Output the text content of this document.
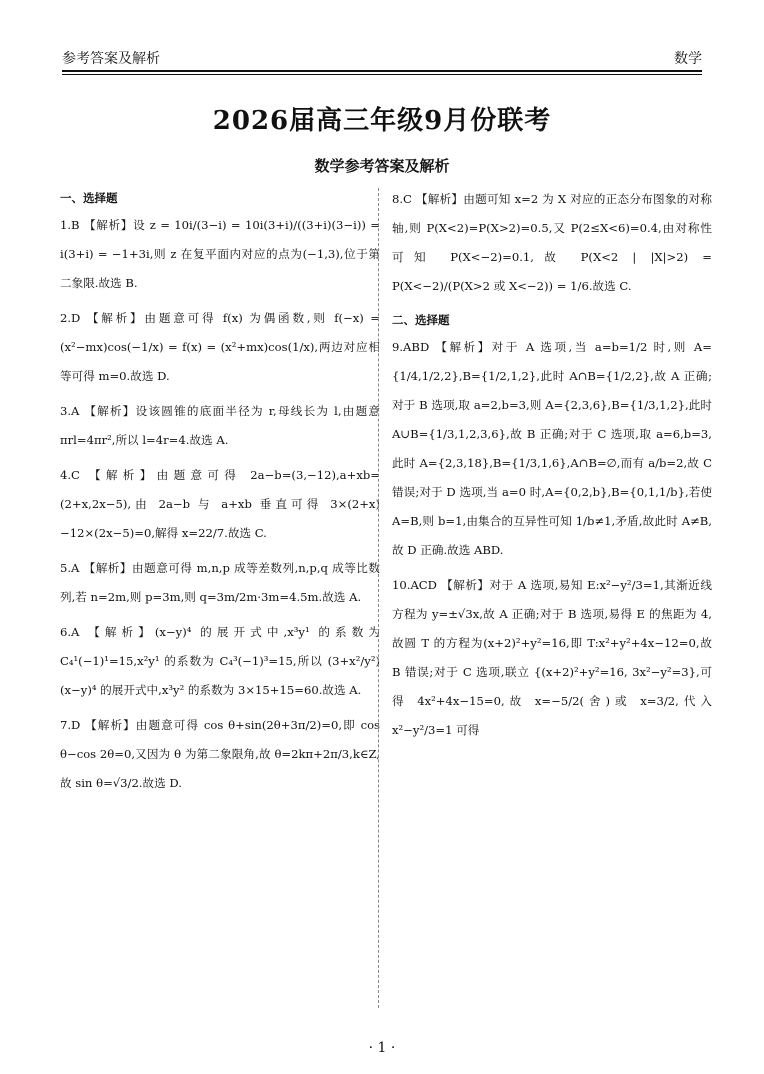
参考答案及解析	数学
2026届高三年级9月份联考
数学参考答案及解析
一、选择题
1.B 【解析】设 z = 10i/(3−i) = 10i(3+i)/((3+i)(3−i)) = i(3+i) = −1+3i,则 z 在复平面内对应的点为(−1,3),位于第二象限.故选 B.
2.D 【解析】由题意可得 f(x) 为偶函数,则 f(−x) = (x²−mx)cos(−1/x) = f(x) = (x²+mx)cos(1/x),两边对应相等可得 m=0.故选 D.
3.A 【解析】设该圆锥的底面半径为 r,母线长为 l,由题意 πrl=4πr²,所以 l=4r=4.故选 A.
4.C 【解析】由题意可得 2a−b=(3,−12),a+xb=(2+x,2x−5),由 2a−b 与 a+xb 垂直可得 3×(2+x)−12×(2x−5)=0,解得 x=22/7.故选 C.
5.A 【解析】由题意可得 m,n,p 成等差数列,n,p,q 成等比数列,若 n=2m,则 p=3m,则 q=3m/2m·3m=4.5m.故选 A.
6.A 【解析】(x−y)⁴ 的展开式中,x³y¹ 的系数为 C₄¹(−1)¹=15,x²y¹ 的系数为 C₄³(−1)³=15,所以 (3+x²/y²)(x−y)⁴ 的展开式中,x³y² 的系数为 3×15+15=60.故选 A.
7.D 【解析】由题意可得 cos θ+sin(2θ+3π/2)=0,即 cos θ−cos 2θ=0,又因为 θ 为第二象限角,故 θ=2kπ+2π/3,k∈Z,故 sin θ=√3/2.故选 D.
8.C 【解析】由题可知 x=2 为 X 对应的正态分布图象的对称轴,则 P(X<2)=P(X>2)=0.5,又 P(2≤X<6)=0.4,由对称性可知 P(X<−2)=0.1,故 P(X<2 | |X|>2) = P(X<−2)/(P(X>2 或 X<−2)) = 1/6.故选 C.
二、选择题
9.ABD 【解析】对于 A 选项,当 a=b=1/2 时,则 A={1/4,1/2,2},B={1/2,1,2},此时 A∩B={1/2,2},故 A 正确;对于 B 选项,取 a=2,b=3,则 A={2,3,6},B={1/3,1,2},此时 A∪B={1/3,1,2,3,6},故 B 正确;对于 C 选项,取 a=6,b=3,此时 A={2,3,18},B={1/3,1,6},A∩B=∅,而有 a/b=2,故 C 错误;对于 D 选项,当 a=0 时,A={0,2,b},B={0,1,1/b},若使 A=B,则 b=1,由集合的互异性可知 1/b≠1,矛盾,故此时 A≠B,故 D 正确.故选 ABD.
10.ACD 【解析】对于 A 选项,易知 E:x²−y²/3=1,其渐近线方程为 y=±√3x,故 A 正确;对于 B 选项,易得 E 的焦距为 4,故圆 T 的方程为(x+2)²+y²=16,即 T:x²+y²+4x−12=0,故 B 错误;对于 C 选项,联立 {(x+2)²+y²=16, 3x²−y²=3},可得 4x²+4x−15=0,故 x=−5/2(舍)或 x=3/2,代入 x²−y²/3=1 可得
· 1 ·
